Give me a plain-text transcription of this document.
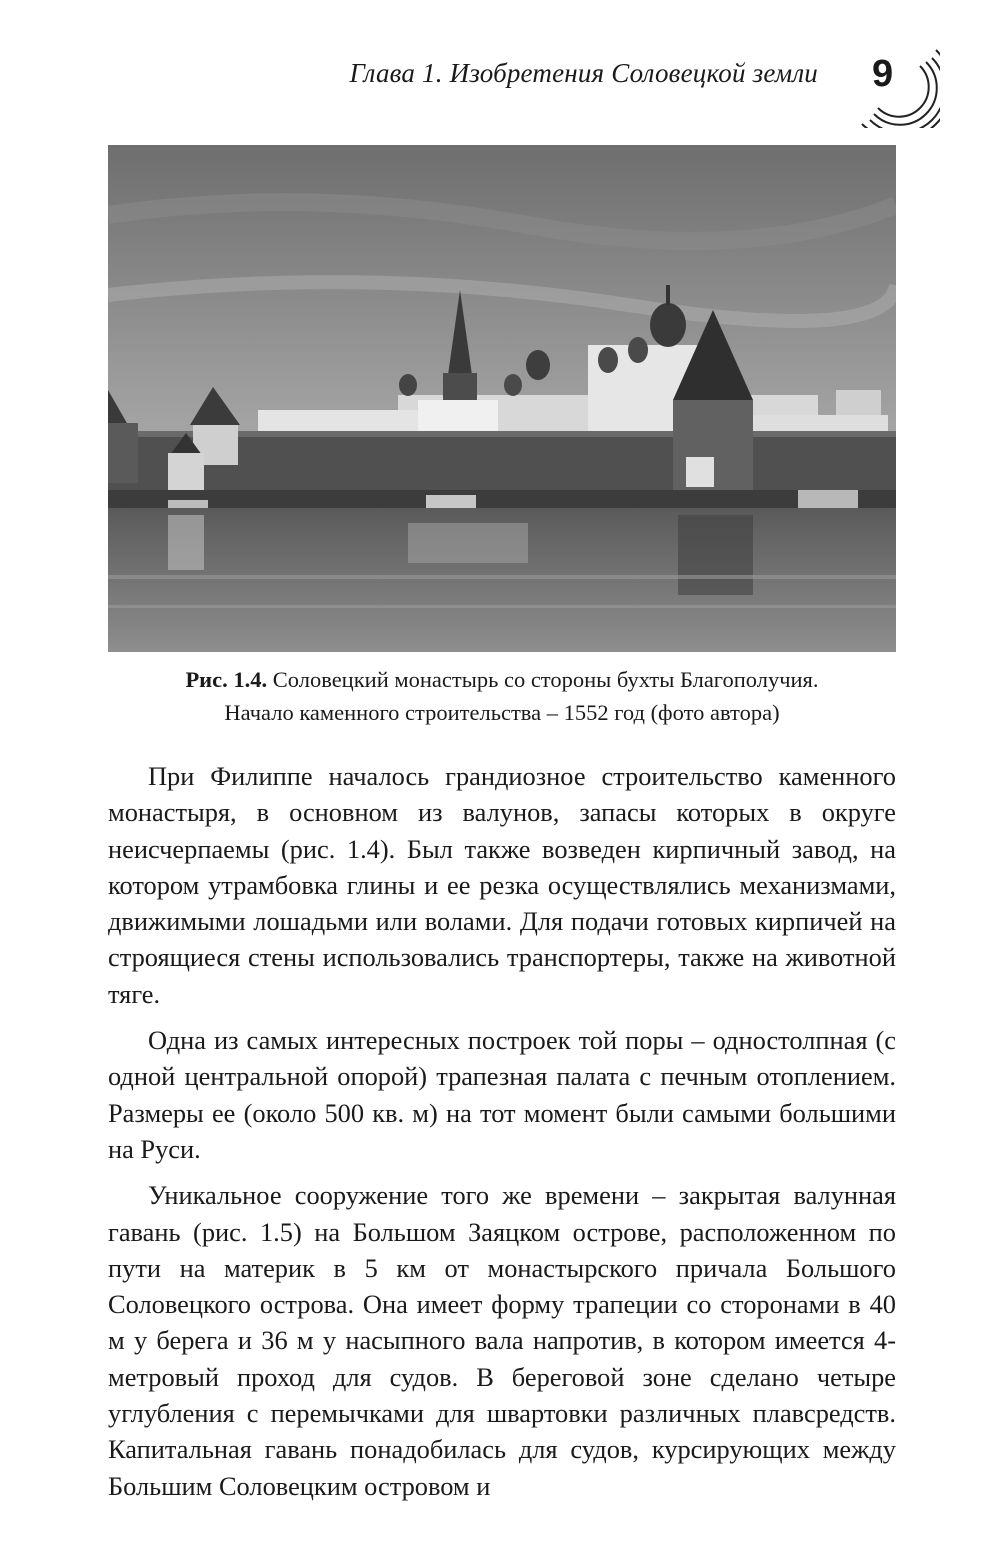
Глава 1. Изобретения Соловецкой земли 9
Рис. 1.4. Соловецкий монастырь со стороны бухты Благополучия.
Начало каменного строительства – 1552 год (фото автора)

При Филиппе началось грандиозное строительство каменного монастыря, в основном из валунов, запасы которых в округе неисчерпаемы (рис. 1.4). Был также возведен кирпичный завод, на котором утрамбовка глины и ее резка осуществлялись механизмами, движимыми лошадьми или волами. Для подачи готовых кирпичей на строящиеся стены использовались транспортеры, также на животной тяге.

Одна из самых интересных построек той поры – одностолпная (с одной центральной опорой) трапезная палата с печным отоплением. Размеры ее (около 500 кв. м) на тот момент были самыми большими на Руси.

Уникальное сооружение того же времени – закрытая валунная гавань (рис. 1.5) на Большом Заяцком острове, расположенном по пути на материк в 5 км от монастырского причала Большого Соловецкого острова. Она имеет форму трапеции со сторонами в 40 м у берега и 36 м у насыпного вала напротив, в котором имеется 4-метровый проход для судов. В береговой зоне сделано четыре углубления с перемычками для швартовки различных плавсредств. Капитальная гавань понадобилась для судов, курсирующих между Большим Соловецким островом и
